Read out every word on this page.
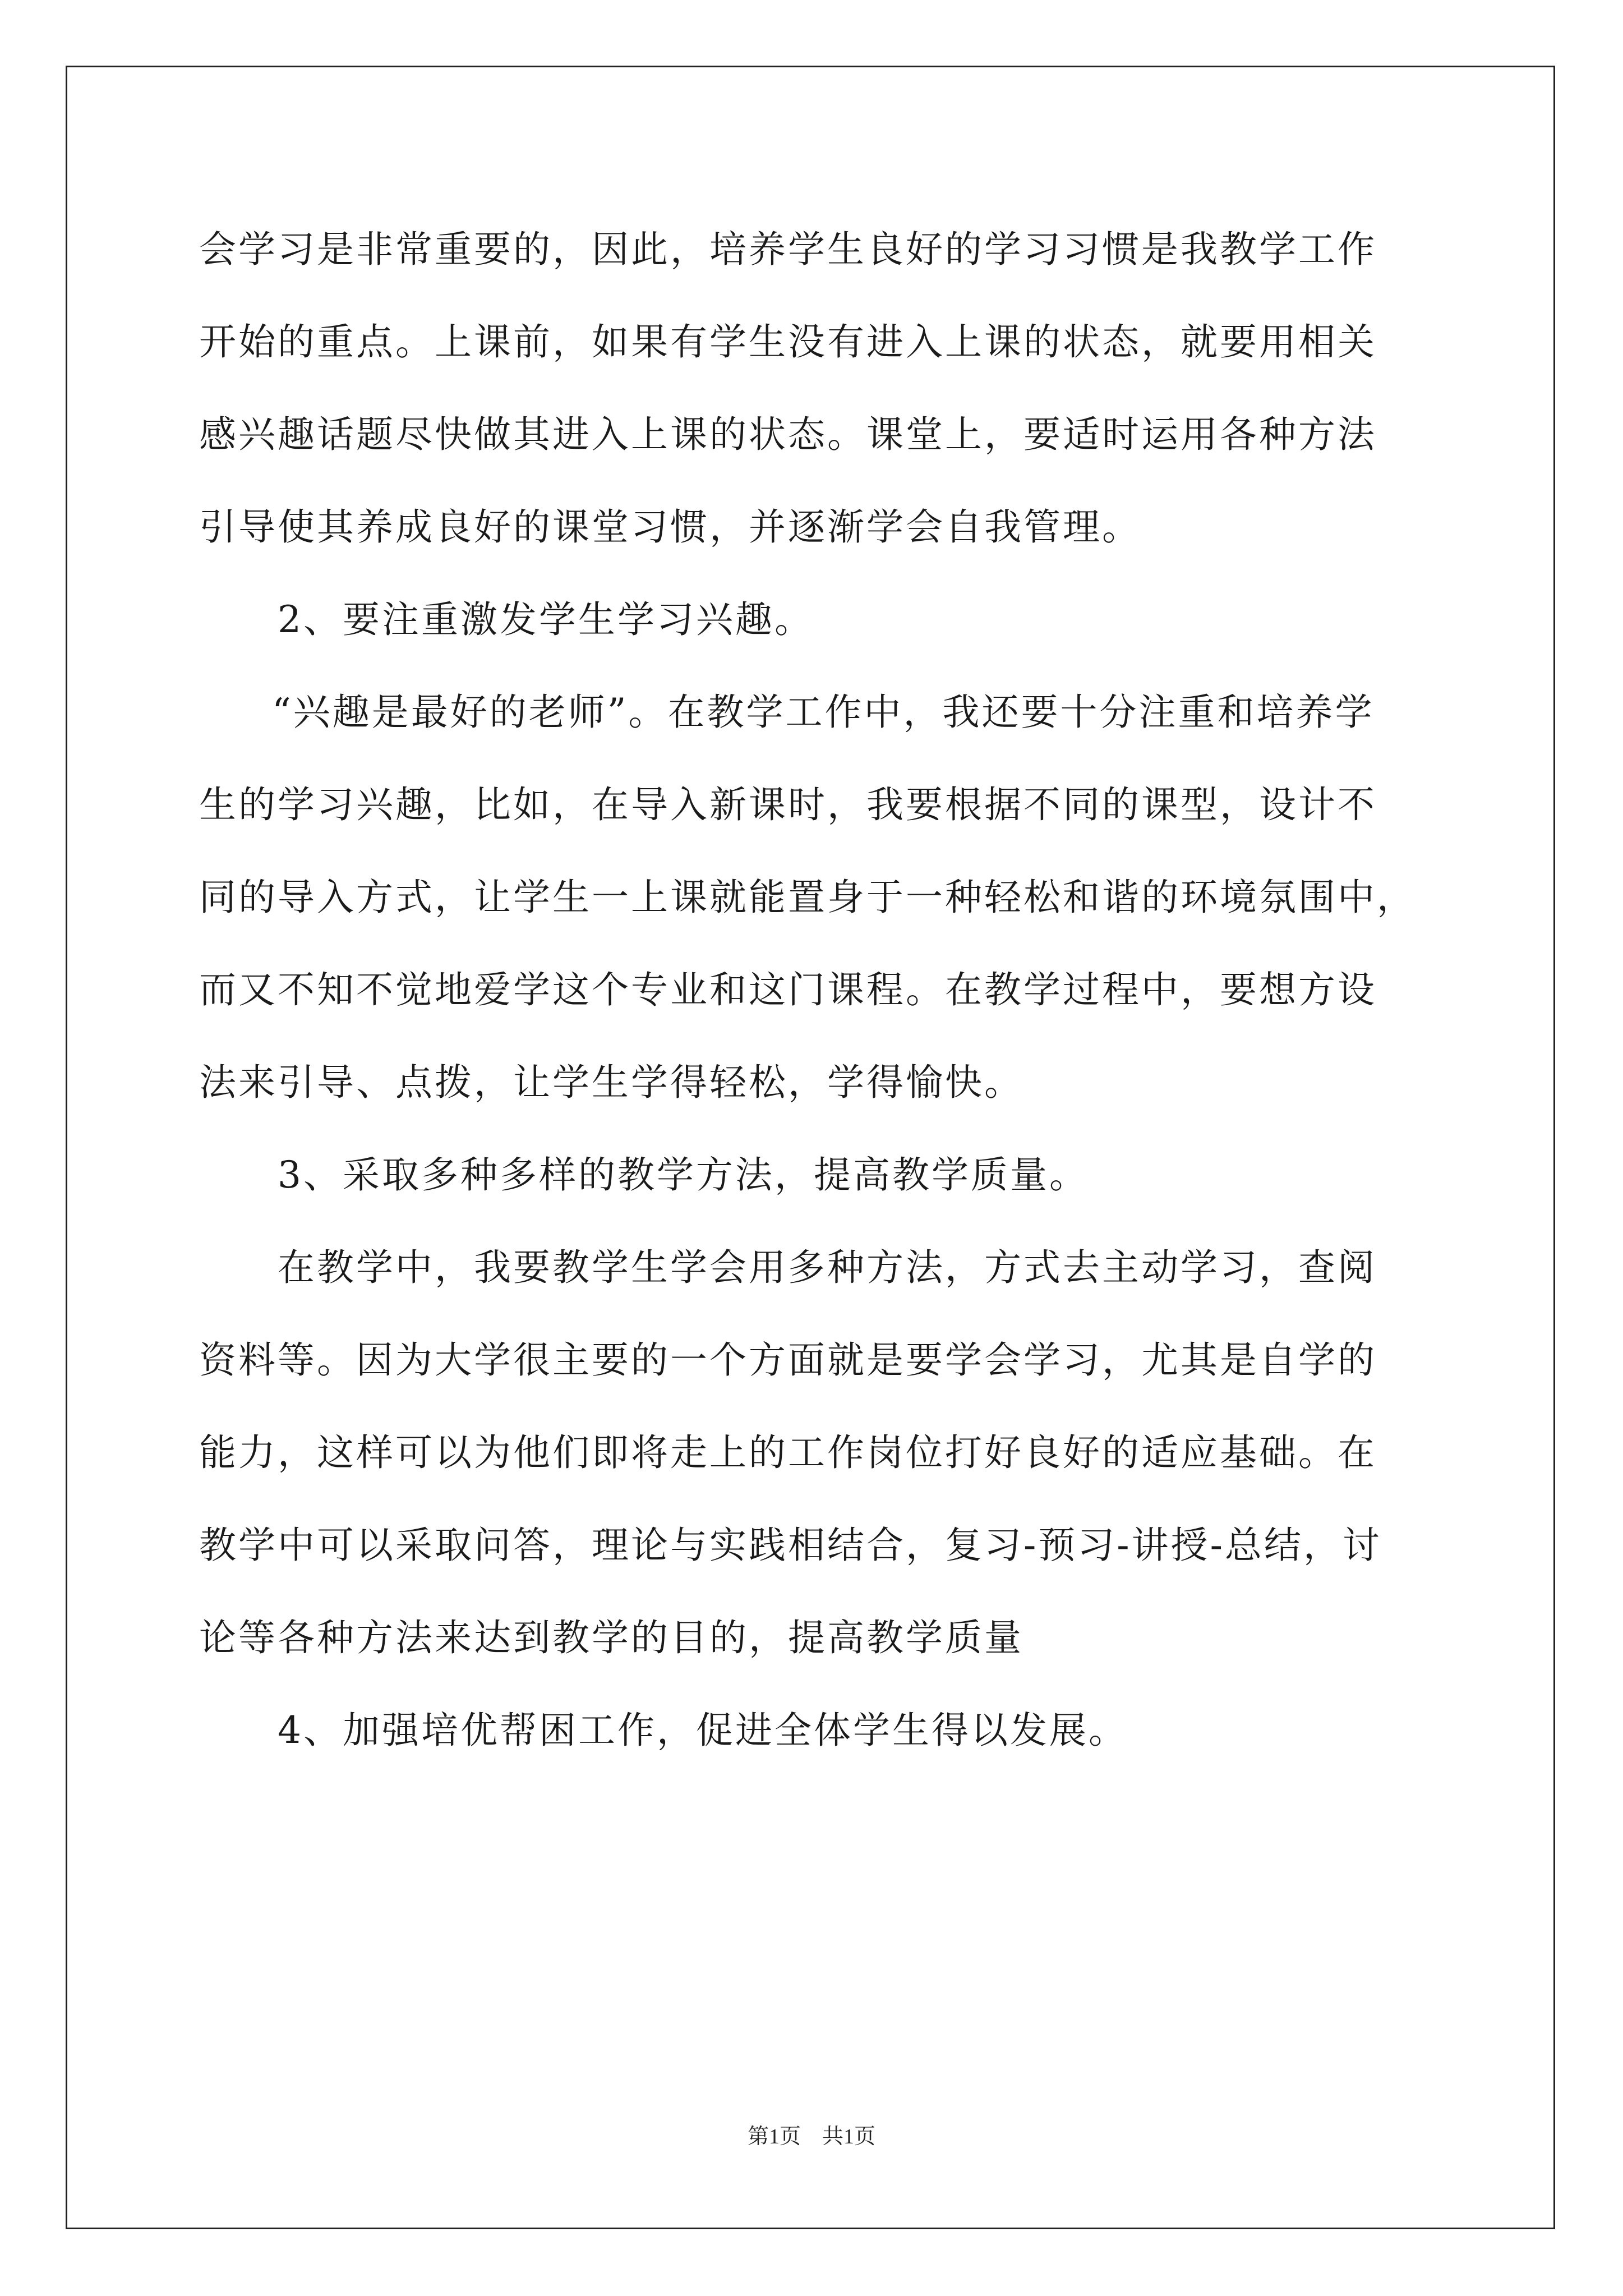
会学习是非常重要的，因此，培养学生良好的学习习惯是我教学工作
开始的重点。上课前，如果有学生没有进入上课的状态，就要用相关
感兴趣话题尽快做其进入上课的状态。课堂上，要适时运用各种方法
引导使其养成良好的课堂习惯，并逐渐学会自我管理。
2、要注重激发学生学习兴趣。
“兴趣是最好的老师”。在教学工作中，我还要十分注重和培养学
生的学习兴趣，比如，在导入新课时，我要根据不同的课型，设计不
同的导入方式，让学生一上课就能置身于一种轻松和谐的环境氛围中，
而又不知不觉地爱学这个专业和这门课程。在教学过程中，要想方设
法来引导、点拨，让学生学得轻松，学得愉快。
3、采取多种多样的教学方法，提高教学质量。
在教学中，我要教学生学会用多种方法，方式去主动学习，查阅
资料等。因为大学很主要的一个方面就是要学会学习，尤其是自学的
能力，这样可以为他们即将走上的工作岗位打好良好的适应基础。在
教学中可以采取问答，理论与实践相结合，复习-预习-讲授-总结，讨
论等各种方法来达到教学的目的，提高教学质量
4、加强培优帮困工作，促进全体学生得以发展。
第1页　共1页
